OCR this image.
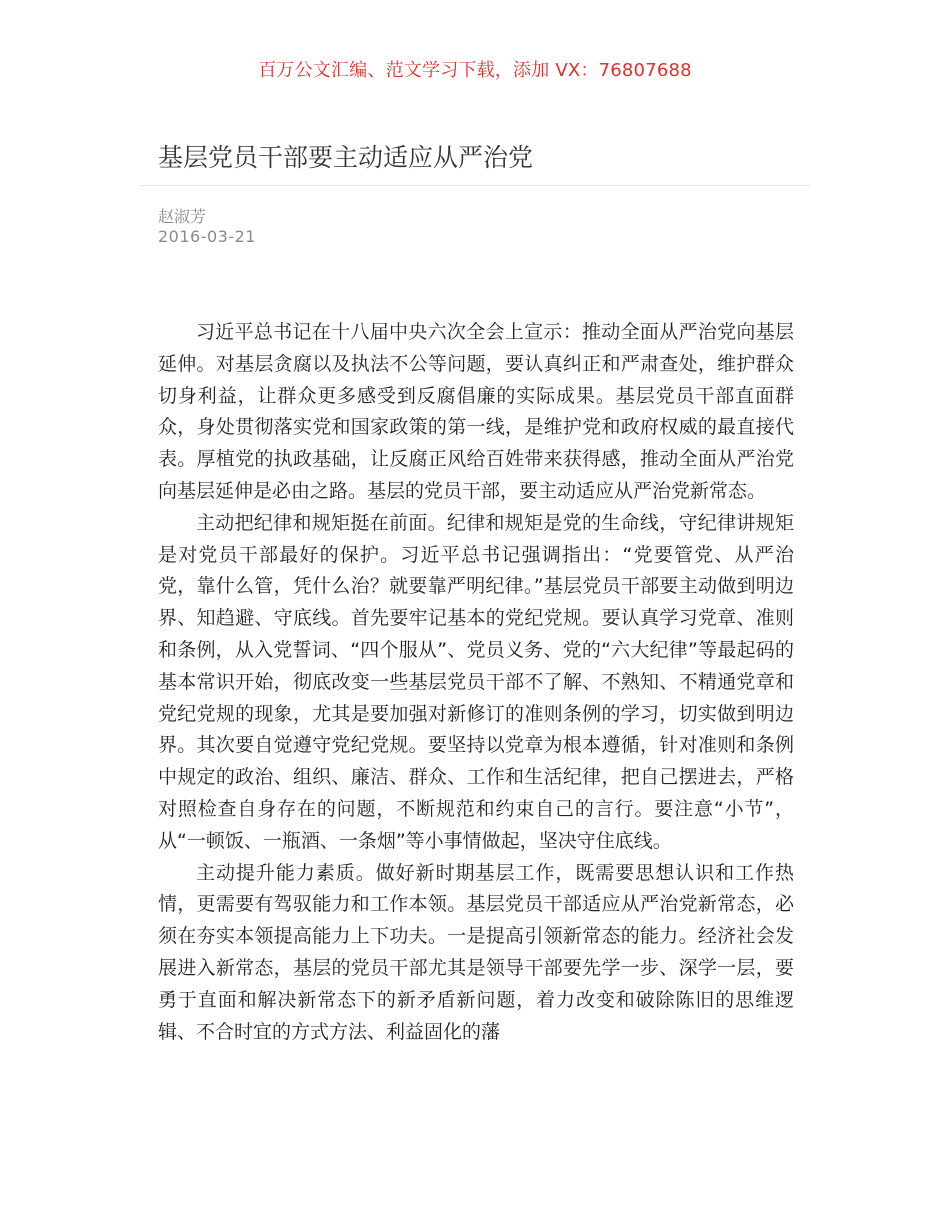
百万公文汇编、范文学习下载，添加 VX：76807688
基层党员干部要主动适应从严治党
赵淑芳
2016-03-21

习近平总书记在十八届中央六次全会上宣示：推动全面从严治党向基层延伸。对基层贪腐以及执法不公等问题，要认真纠正和严肃查处，维护群众切身利益，让群众更多感受到反腐倡廉的实际成果。基层党员干部直面群众，身处贯彻落实党和国家政策的第一线，是维护党和政府权威的最直接代表。厚植党的执政基础，让反腐正风给百姓带来获得感，推动全面从严治党向基层延伸是必由之路。基层的党员干部，要主动适应从严治党新常态。

主动把纪律和规矩挺在前面。纪律和规矩是党的生命线，守纪律讲规矩是对党员干部最好的保护。习近平总书记强调指出：“党要管党、从严治党，靠什么管，凭什么治？就要靠严明纪律。”基层党员干部要主动做到明边界、知趋避、守底线。首先要牢记基本的党纪党规。要认真学习党章、准则和条例，从入党誓词、“四个服从”、党员义务、党的“六大纪律”等最起码的基本常识开始，彻底改变一些基层党员干部不了解、不熟知、不精通党章和党纪党规的现象，尤其是要加强对新修订的准则条例的学习，切实做到明边界。其次要自觉遵守党纪党规。要坚持以党章为根本遵循，针对准则和条例中规定的政治、组织、廉洁、群众、工作和生活纪律，把自己摆进去，严格对照检查自身存在的问题，不断规范和约束自己的言行。要注意“小节”，从“一顿饭、一瓶酒、一条烟”等小事情做起，坚决守住底线。

主动提升能力素质。做好新时期基层工作，既需要思想认识和工作热情，更需要有驾驭能力和工作本领。基层党员干部适应从严治党新常态，必须在夯实本领提高能力上下功夫。一是提高引领新常态的能力。经济社会发展进入新常态，基层的党员干部尤其是领导干部要先学一步、深学一层，要勇于直面和解决新常态下的新矛盾新问题，着力改变和破除陈旧的思维逻辑、不合时宜的方式方法、利益固化的藩
